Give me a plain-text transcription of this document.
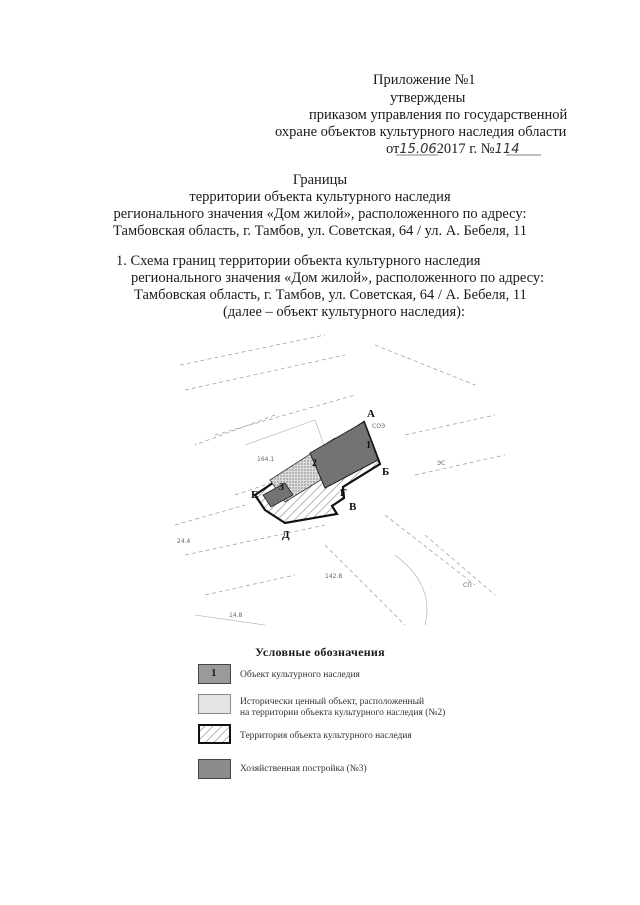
Приложение №1
утверждены
приказом управления по государственной
охране объектов культурного наследия области
от15.062017 г. №114
Границы
территории объекта культурного наследия
регионального значения «Дом жилой», расположенного по адресу:
Тамбовская область, г. Тамбов, ул. Советская, 64 / ул. А. Бебеля, 11
1. Схема границ территории объекта культурного наследия
регионального значения «Дом жилой», расположенного по адресу:
Тамбовская область, г. Тамбов, ул. Советская, 64 / А. Бебеля, 11
(далее – объект культурного наследия):
А
Б
В
Г
Д
Е
1
2
3
164.1
24.4
14.8
142.8
СОЭ
ЭС
СП
Условные обозначения
1 Объект культурного наследия
Исторически ценный объект, расположенный
на территории объекта культурного наследия (№2)
Территория объекта культурного наследия
Хозяйственная постройка (№3)
